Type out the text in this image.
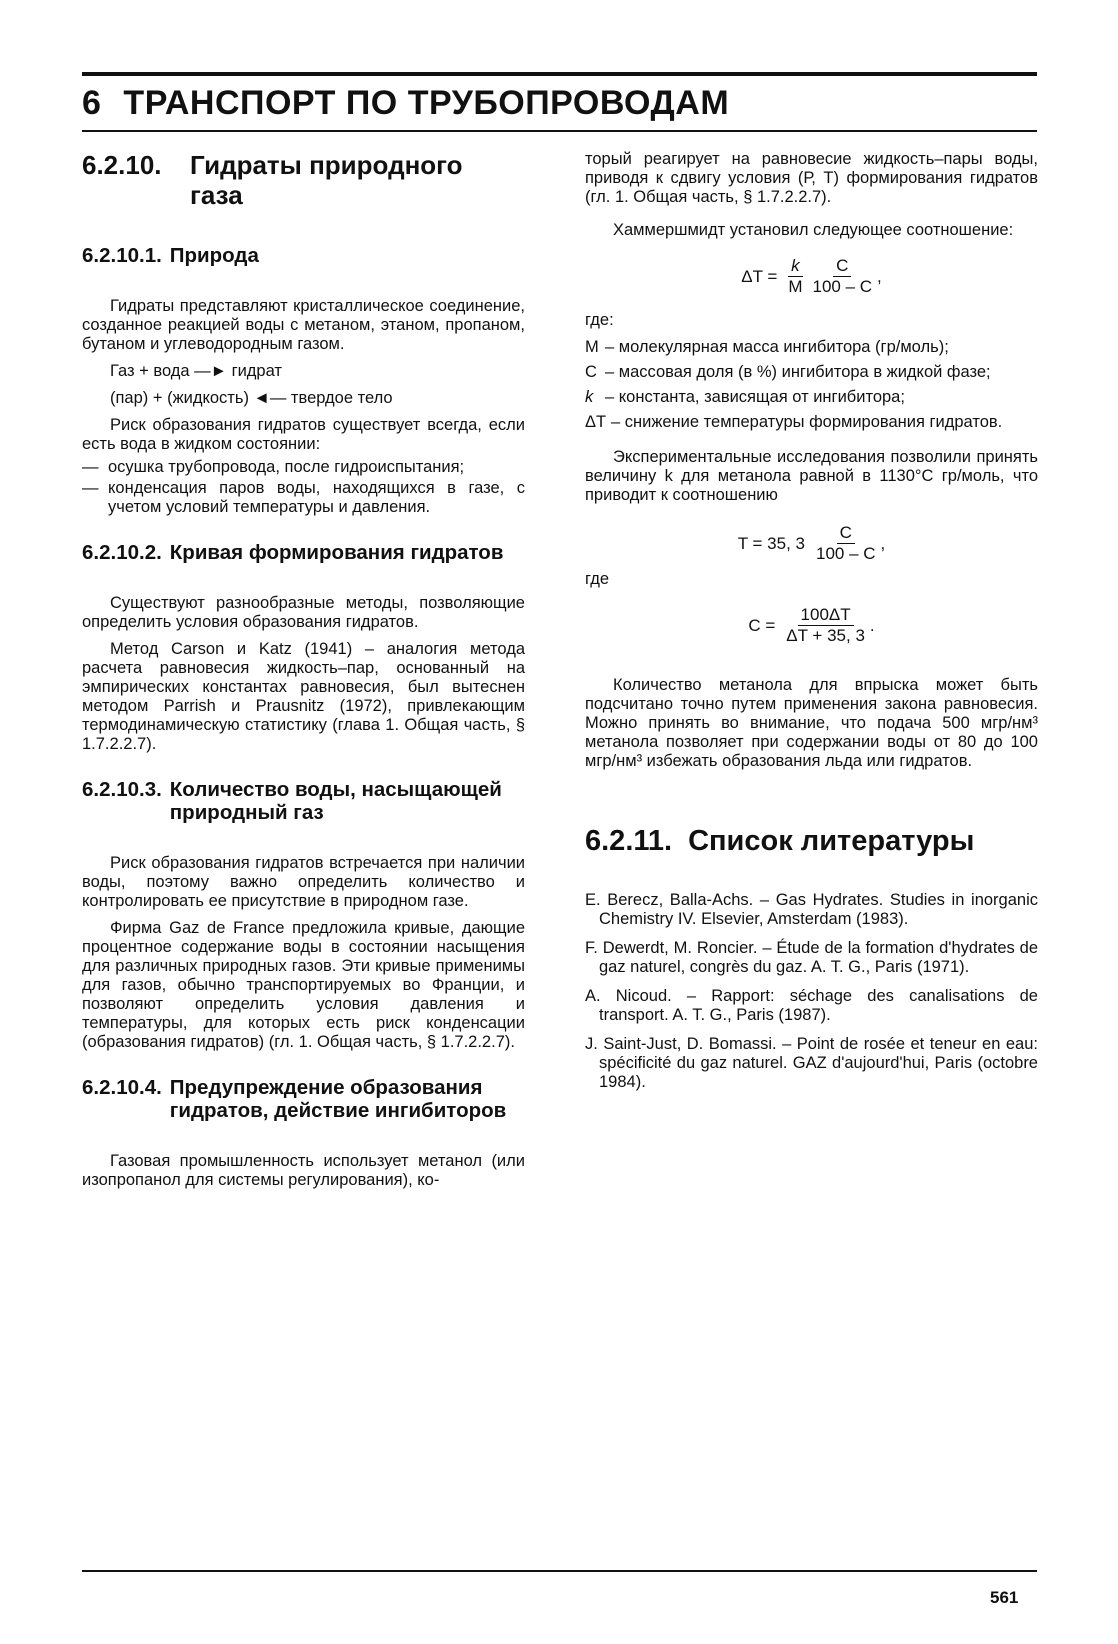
6 ТРАНСПОРТ ПО ТРУБОПРОВОДАМ
6.2.10. Гидраты природного газа
6.2.10.1. Природа

Гидраты представляют кристаллическое соединение, созданное реакцией воды с метаном, этаном, пропаном, бутаном и углеводородным газом.

Газ + вода —► гидрат

(пар) + (жидкость) ◄— твердое тело

Риск образования гидратов существует всегда, если есть вода в жидком состоянии:

— осушка трубопровода, после гидроиспытания;
— конденсация паров воды, находящихся в газе, с учетом условий температуры и давления.
6.2.10.2. Кривая формирования гидратов

Существуют разнообразные методы, позволяющие определить условия образования гидратов.

Метод Carson и Katz (1941) – аналогия метода расчета равновесия жидкость–пар, основанный на эмпирических константах равновесия, был вытеснен методом Parrish и Prausnitz (1972), привлекающим термодинамическую статистику (глава 1. Общая часть, § 1.7.2.2.7).

6.2.10.3. Количество воды, насыщающей природный газ

Риск образования гидратов встречается при наличии воды, поэтому важно определить количество и контролировать ее присутствие в природном газе.

Фирма Gaz de France предложила кривые, дающие процентное содержание воды в состоянии насыщения для различных природных газов. Эти кривые применимы для газов, обычно транспортируемых во Франции, и позволяют определить условия давления и температуры, для которых есть риск конденсации (образования гидратов) (гл. 1. Общая часть, § 1.7.2.2.7).

6.2.10.4. Предупреждение образования гидратов, действие ингибиторов

Газовая промышленность использует метанол (или изопропанол для системы регулирования), ко-

торый реагирует на равновесие жидкость–пары воды, приводя к сдвигу условия (Р, Т) формирования гидратов (гл. 1. Общая часть, § 1.7.2.2.7).

Хаммершмидт установил следующее соотношение:

$\Delta T = \frac{k}{M} \frac{C}{100 - C}$ ,

где:

M – молекулярная масса ингибитора (гр/моль);
C – массовая доля (в %) ингибитора в жидкой фазе;
k – константа, зависящая от ингибитора;
ΔT – снижение температуры формирования гидратов.

Экспериментальные исследования позволили принять величину k для метанола равной в 1130°C гр/моль, что приводит к соотношению

T = 35, $3 \frac{C}{100 - C}$ ,

где

$C = \frac{100\Delta T}{\Delta T + 35, 3}$ .

Количество метанола для впрыска может быть подсчитано точно путем применения закона равновесия. Можно принять во внимание, что подача 500 мгр/нм³ метанола позволяет при содержании воды от 80 до 100 мгр/нм³ избежать образования льда или гидратов.

6.2.11. Список литературы

E. Berecz, Balla-Achs. – Gas Hydrates. Studies in inorganic Chemistry IV. Elsevier, Amsterdam (1983).

F. Dewerdt, M. Roncier. – Étude de la formation d'hydrates de gaz naturel, congrès du gaz. A. T. G., Paris (1971).

A. Nicoud. – Rapport: séchage des canalisations de transport. A. T. G., Paris (1987).

J. Saint-Just, D. Bomassi. – Point de rosée et teneur en eau: spécificité du gaz naturel. GAZ d'aujourd'hui, Paris (octobre 1984).

561
